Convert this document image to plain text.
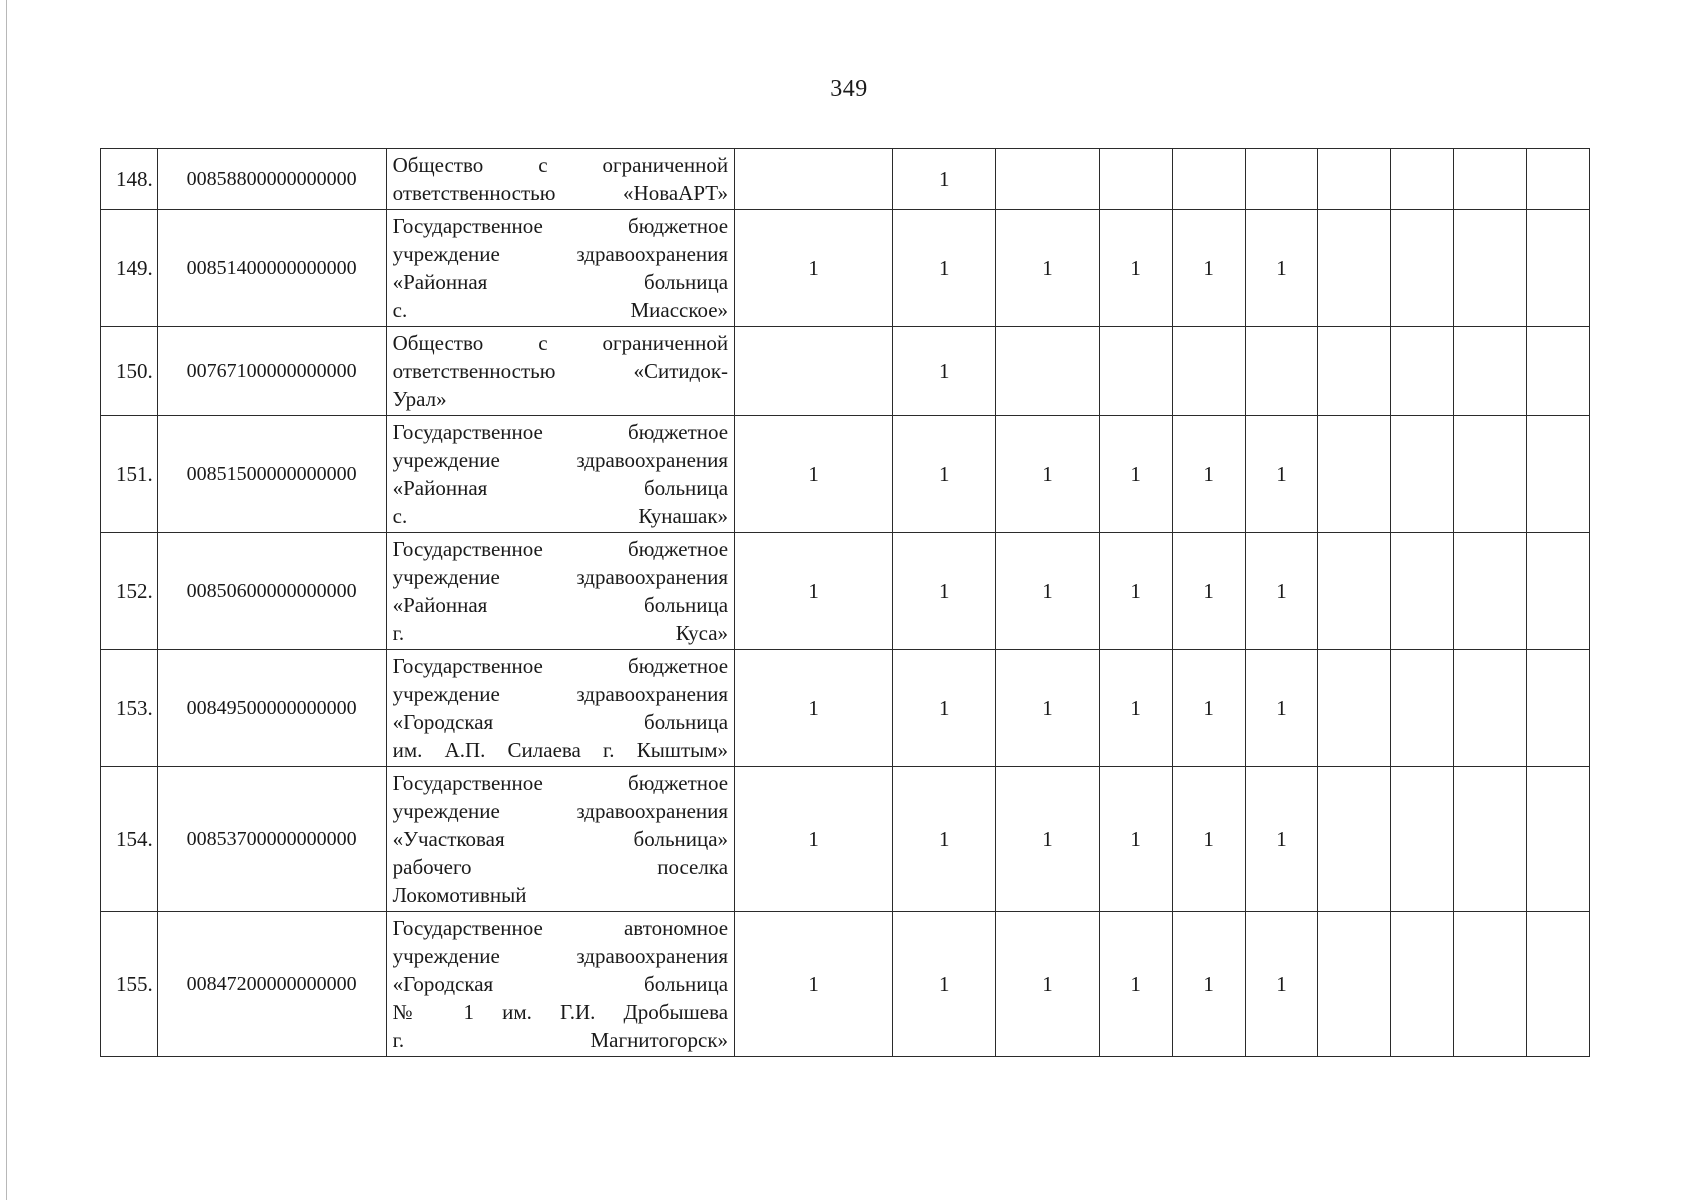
349
148.	00858800000000000	Общество с ограниченной
ответственностью «НоваАРТ»		1								
149.	00851400000000000	Государственное бюджетное
учреждение здравоохранения
«Районная больница
с. Миасское»	1	1	1	1	1	1				
150.	00767100000000000	Общество с ограниченной
ответственностью «Ситидок-
Урал»		1								
151.	00851500000000000	Государственное бюджетное
учреждение здравоохранения
«Районная больница
с. Кунашак»	1	1	1	1	1	1				
152.	00850600000000000	Государственное бюджетное
учреждение здравоохранения
«Районная больница
г. Куса»	1	1	1	1	1	1				
153.	00849500000000000	Государственное бюджетное
учреждение здравоохранения
«Городская больница
им. А.П. Силаева г. Кыштым»	1	1	1	1	1	1				
154.	00853700000000000	Государственное бюджетное
учреждение здравоохранения
«Участковая больница»
рабочего поселка
Локомотивный	1	1	1	1	1	1				
155.	00847200000000000	Государственное автономное
учреждение здравоохранения
«Городская больница
№ 1 им. Г.И. Дробышева
г. Магнитогорск»	1	1	1	1	1	1				
